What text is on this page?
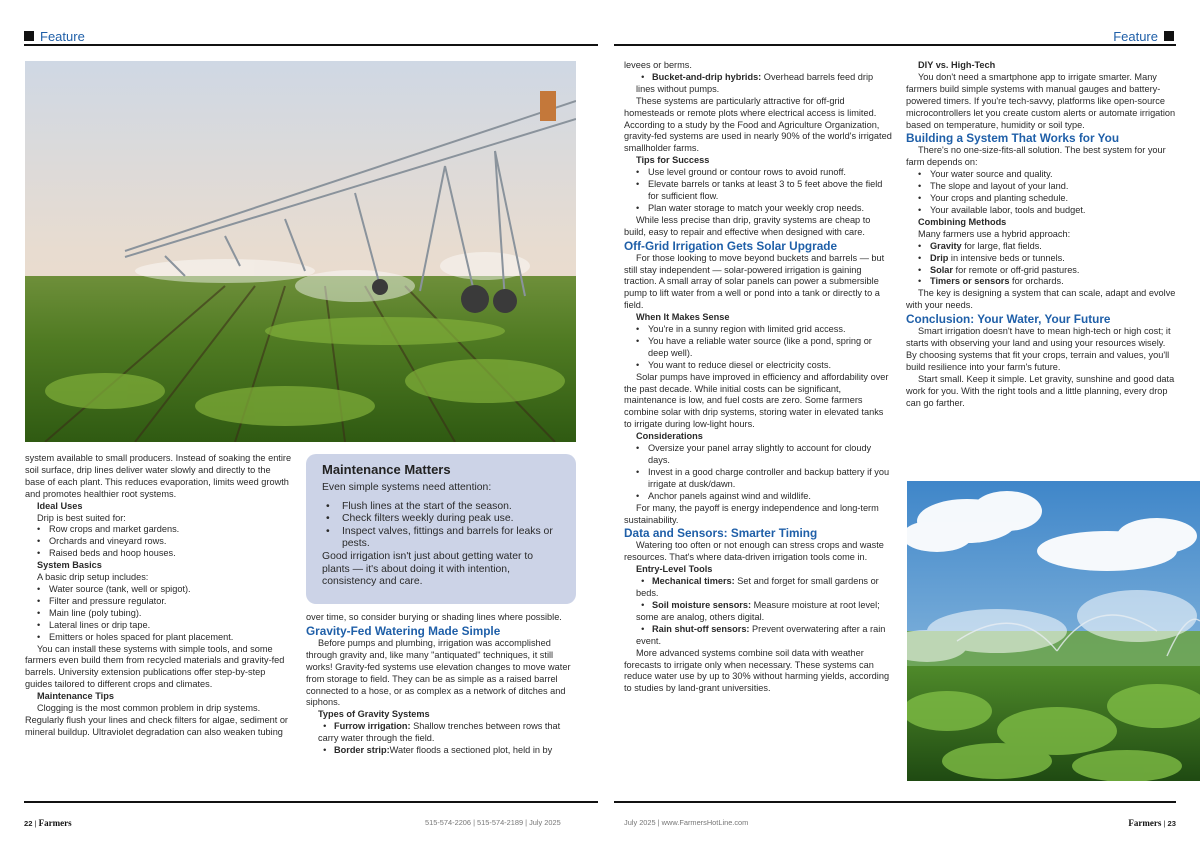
Feature	Feature

system available to small producers. Instead of soaking the entire soil surface, drip lines deliver water slowly and directly to the base of each plant. This reduces evaporation, limits weed growth and promotes healthier root systems.

Ideal Uses

Drip is best suited for:

• Row crops and market gardens.

• Orchards and vineyard rows.

• Raised beds and hoop houses.

System Basics

A basic drip setup includes:

• Water source (tank, well or spigot).

• Filter and pressure regulator.

• Main line (poly tubing).

• Lateral lines or drip tape.

• Emitters or holes spaced for plant placement.

You can install these systems with simple tools, and some farmers even build them from recycled materials and gravity-fed barrels. University extension publications offer step-by-step guides tailored to different crops and climates.

Maintenance Tips

Clogging is the most common problem in drip systems. Regularly flush your lines and check filters for algae, sediment or mineral buildup. Ultraviolet degradation can also weaken tubing

Maintenance Matters

Even simple systems need attention:

• Flush lines at the start of the season.

• Check filters weekly during peak use.

• Inspect valves, fittings and barrels for leaks or pests.

Good irrigation isn't just about getting water to plants — it's about doing it with intention, consistency and care.

over time, so consider burying or shading lines where possible.

Gravity-Fed Watering Made Simple

Before pumps and plumbing, irrigation was accomplished through gravity and, like many "antiquated" techniques, it still works! Gravity-fed systems use elevation changes to move water from storage to field. They can be as simple as a raised barrel connected to a hose, or as complex as a network of ditches and siphons.

Types of Gravity Systems

• Furrow irrigation: Shallow trenches between rows that carry water through the field.

• Border strip:Water floods a sectioned plot, held in by

levees or berms.

• Bucket-and-drip hybrids: Overhead barrels feed drip lines without pumps.

These systems are particularly attractive for off-grid homesteads or remote plots where electrical access is limited. According to a study by the Food and Agriculture Organization, gravity-fed systems are used in nearly 90% of the world's irrigated smallholder farms.

Tips for Success

• Use level ground or contour rows to avoid runoff.

• Elevate barrels or tanks at least 3 to 5 feet above the field for sufficient flow.

• Plan water storage to match your weekly crop needs.

While less precise than drip, gravity systems are cheap to build, easy to repair and effective when designed with care.

Off-Grid Irrigation Gets Solar Upgrade

For those looking to move beyond buckets and barrels — but still stay independent — solar-powered irrigation is gaining traction. A small array of solar panels can power a submersible pump to lift water from a well or pond into a tank or directly to a field.

When It Makes Sense

• You're in a sunny region with limited grid access.

• You have a reliable water source (like a pond, spring or deep well).

• You want to reduce diesel or electricity costs.

Solar pumps have improved in efficiency and affordability over the past decade. While initial costs can be significant, maintenance is low, and fuel costs are zero. Some farmers combine solar with drip systems, storing water in elevated tanks to irrigate during low-light hours.

Considerations

• Oversize your panel array slightly to account for cloudy days.

• Invest in a good charge controller and backup battery if you irrigate at dusk/dawn.

• Anchor panels against wind and wildlife.

For many, the payoff is energy independence and long-term sustainability.

Data and Sensors: Smarter Timing

Watering too often or not enough can stress crops and waste resources. That's where data-driven irrigation tools come in.

Entry-Level Tools

• Mechanical timers: Set and forget for small gardens or beds.

• Soil moisture sensors: Measure moisture at root level; some are analog, others digital.

• Rain shut-off sensors: Prevent overwatering after a rain event.

More advanced systems combine soil data with weather forecasts to irrigate only when necessary. These systems can reduce water use by up to 30% without harming yields, according to studies by land-grant universities.

DIY vs. High-Tech

You don't need a smartphone app to irrigate smarter. Many farmers build simple systems with manual gauges and battery-powered timers. If you're tech-savvy, platforms like open-source microcontrollers let you create custom alerts or automate irrigation based on temperature, humidity or soil type.

Building a System That Works for You

There's no one-size-fits-all solution. The best system for your farm depends on:

• Your water source and quality.

• The slope and layout of your land.

• Your crops and planting schedule.

• Your available labor, tools and budget.

Combining Methods

Many farmers use a hybrid approach:

• Gravity for large, flat fields.

• Drip in intensive beds or tunnels.

• Solar for remote or off-grid pastures.

• Timers or sensors for orchards.

The key is designing a system that can scale, adapt and evolve with your needs.

Conclusion: Your Water, Your Future

Smart irrigation doesn't have to mean high-tech or high cost; it starts with observing your land and using your resources wisely. By choosing systems that fit your crops, terrain and values, you'll build resilience into your farm's future.

Start small. Keep it simple. Let gravity, sunshine and good data work for you. With the right tools and a little planning, every drop can go farther.

22 | Farmers	515-574-2206 | 515-574-2189 | July 2025	July 2025 | www.FarmersHotLine.com	Farmers | 23
